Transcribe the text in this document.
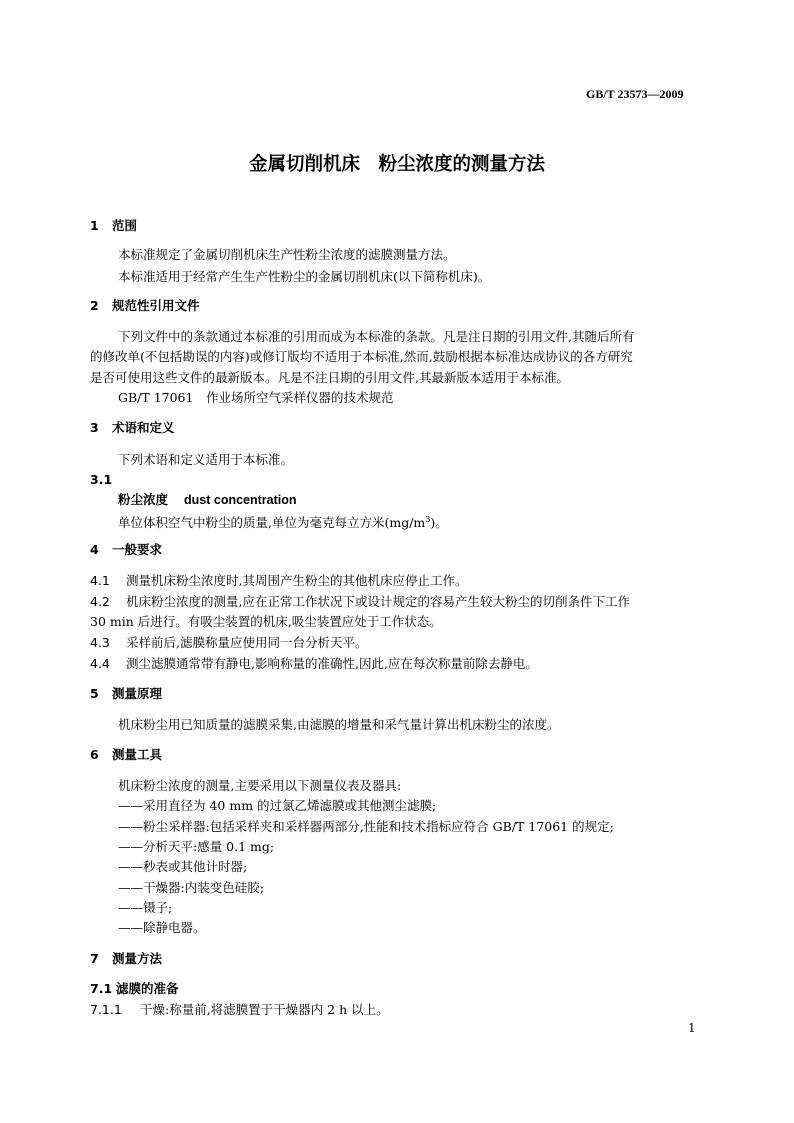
GB/T 23573—2009
金属切削机床　粉尘浓度的测量方法
1 范围
本标准规定了金属切削机床生产性粉尘浓度的滤膜测量方法。
本标准适用于经常产生生产性粉尘的金属切削机床(以下简称机床)。
2 规范性引用文件
下列文件中的条款通过本标准的引用而成为本标准的条款。凡是注日期的引用文件,其随后所有
的修改单(不包括勘误的内容)或修订版均不适用于本标准,然而,鼓励根据本标准达成协议的各方研究
是否可使用这些文件的最新版本。凡是不注日期的引用文件,其最新版本适用于本标准。
GB/T 17061　作业场所空气采样仪器的技术规范
3 术语和定义
下列术语和定义适用于本标准。
3.1
粉尘浓度 dust concentration
单位体积空气中粉尘的质量,单位为毫克每立方米$(mg/m^3)$。
4 一般要求
4.1 测量机床粉尘浓度时,其周围产生粉尘的其他机床应停止工作。
4.2 机床粉尘浓度的测量,应在正常工作状况下或设计规定的容易产生较大粉尘的切削条件下工作
30 min 后进行。有吸尘装置的机床,吸尘装置应处于工作状态。
4.3 采样前后,滤膜称量应使用同一台分析天平。
4.4 测尘滤膜通常带有静电,影响称量的准确性,因此,应在每次称量前除去静电。
5 测量原理
机床粉尘用已知质量的滤膜采集,由滤膜的增量和采气量计算出机床粉尘的浓度。
6 测量工具
机床粉尘浓度的测量,主要采用以下测量仪表及器具:
——采用直径为 40 mm 的过氯乙烯滤膜或其他测尘滤膜;
——粉尘采样器:包括采样夹和采样器两部分,性能和技术指标应符合 GB/T 17061 的规定;
——分析天平:感量 0.1 mg;
——秒表或其他计时器;
——干燥器:内装变色硅胶;
——镊子;
——除静电器。
7 测量方法
7.1 滤膜的准备
7.1.1 干燥:称量前,将滤膜置于干燥器内 2 h 以上。
1
